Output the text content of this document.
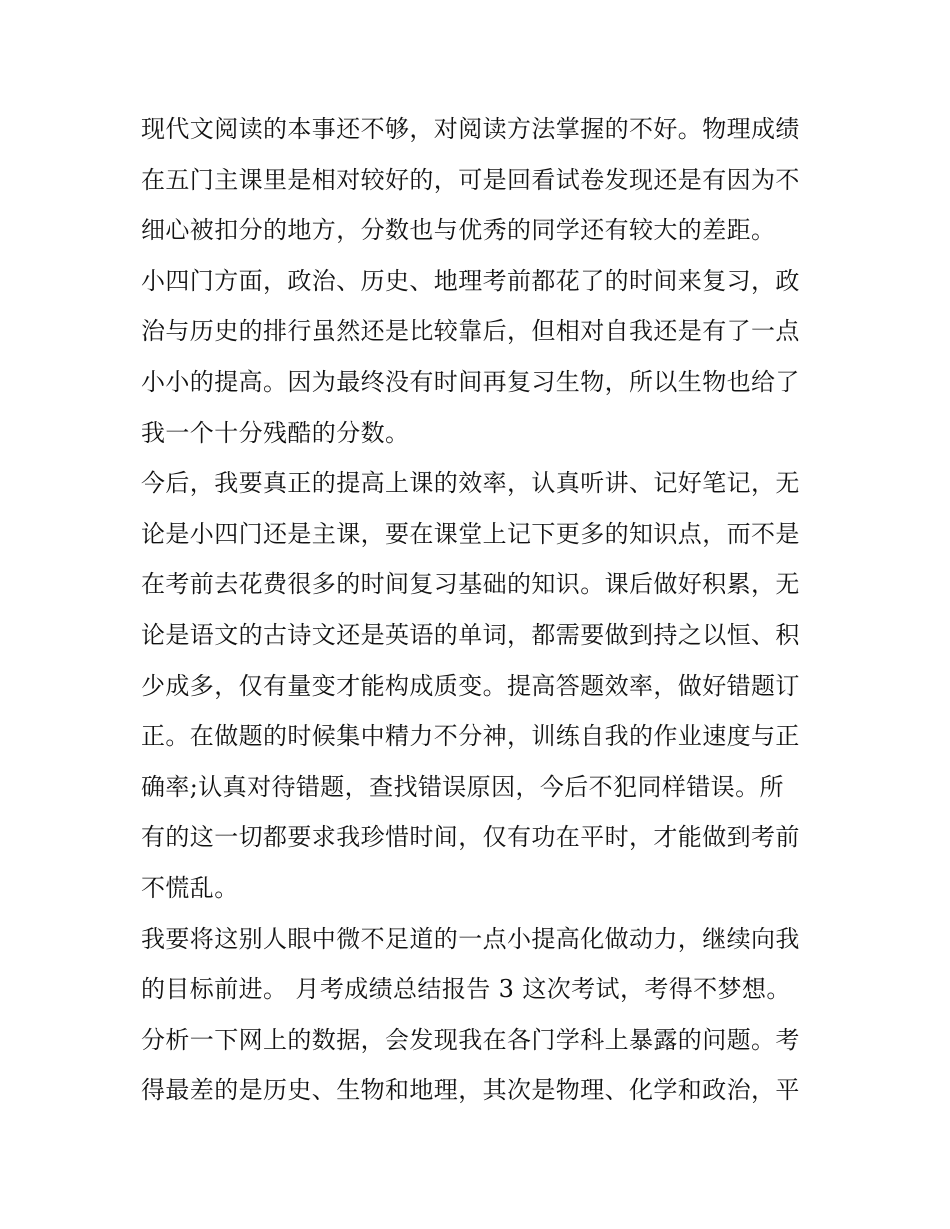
现代文阅读的本事还不够，对阅读方法掌握的不好。物理成绩
在五门主课里是相对较好的，可是回看试卷发现还是有因为不
细心被扣分的地方，分数也与优秀的同学还有较大的差距。
小四门方面，政治、历史、地理考前都花了的时间来复习，政
治与历史的排行虽然还是比较靠后，但相对自我还是有了一点
小小的提高。因为最终没有时间再复习生物，所以生物也给了
我一个十分残酷的分数。
今后，我要真正的提高上课的效率，认真听讲、记好笔记，无
论是小四门还是主课，要在课堂上记下更多的知识点，而不是
在考前去花费很多的时间复习基础的知识。课后做好积累，无
论是语文的古诗文还是英语的单词，都需要做到持之以恒、积
少成多，仅有量变才能构成质变。提高答题效率，做好错题订
正。在做题的时候集中精力不分神，训练自我的作业速度与正
确率;认真对待错题，查找错误原因，今后不犯同样错误。所
有的这一切都要求我珍惜时间，仅有功在平时，才能做到考前
不慌乱。
我要将这别人眼中微不足道的一点小提高化做动力，继续向我
的目标前进。 月考成绩总结报告 3 这次考试，考得不梦想。
分析一下网上的数据，会发现我在各门学科上暴露的问题。考
得最差的是历史、生物和地理，其次是物理、化学和政治，平
